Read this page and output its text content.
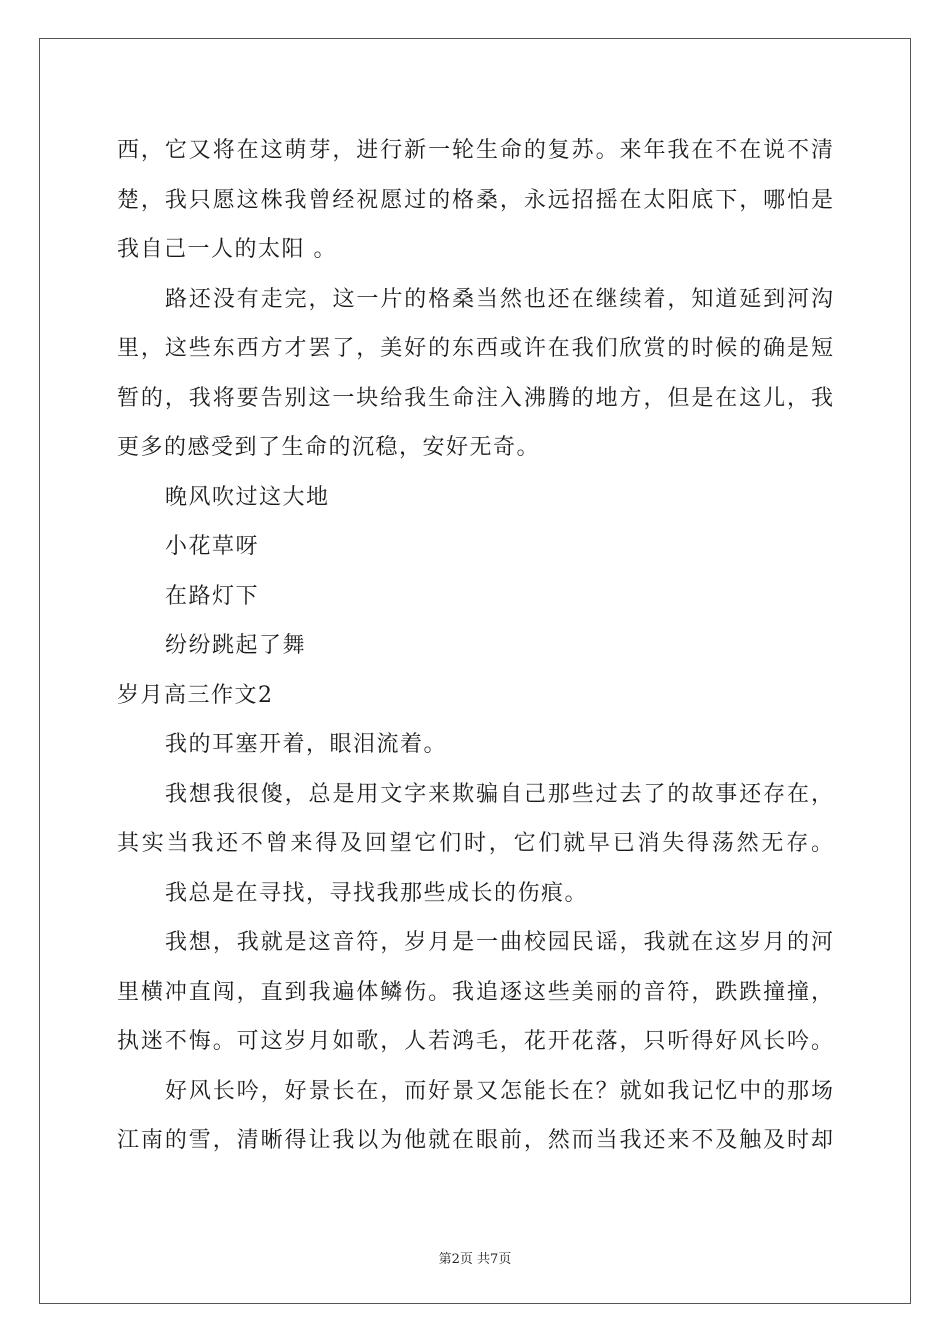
西，它又将在这萌芽，进行新一轮生命的复苏。来年我在不在说不清
楚，我只愿这株我曾经祝愿过的格桑，永远招摇在太阳底下，哪怕是
我自己一人的太阳 。
路还没有走完，这一片的格桑当然也还在继续着，知道延到河沟
里，这些东西方才罢了，美好的东西或许在我们欣赏的时候的确是短
暂的，我将要告别这一块给我生命注入沸腾的地方，但是在这儿，我
更多的感受到了生命的沉稳，安好无奇。
晚风吹过这大地
小花草呀
在路灯下
纷纷跳起了舞
岁月高三作文2
我的耳塞开着，眼泪流着。
我想我很傻，总是用文字来欺骗自己那些过去了的故事还存在，
其实当我还不曾来得及回望它们时，它们就早已消失得荡然无存。
我总是在寻找，寻找我那些成长的伤痕。
我想，我就是这音符，岁月是一曲校园民谣，我就在这岁月的河
里横冲直闯，直到我遍体鳞伤。我追逐这些美丽的音符，跌跌撞撞，
执迷不悔。可这岁月如歌，人若鸿毛，花开花落，只听得好风长吟。
好风长吟，好景长在，而好景又怎能长在？就如我记忆中的那场
江南的雪，清晰得让我以为他就在眼前，然而当我还来不及触及时却
第2页 共7页
